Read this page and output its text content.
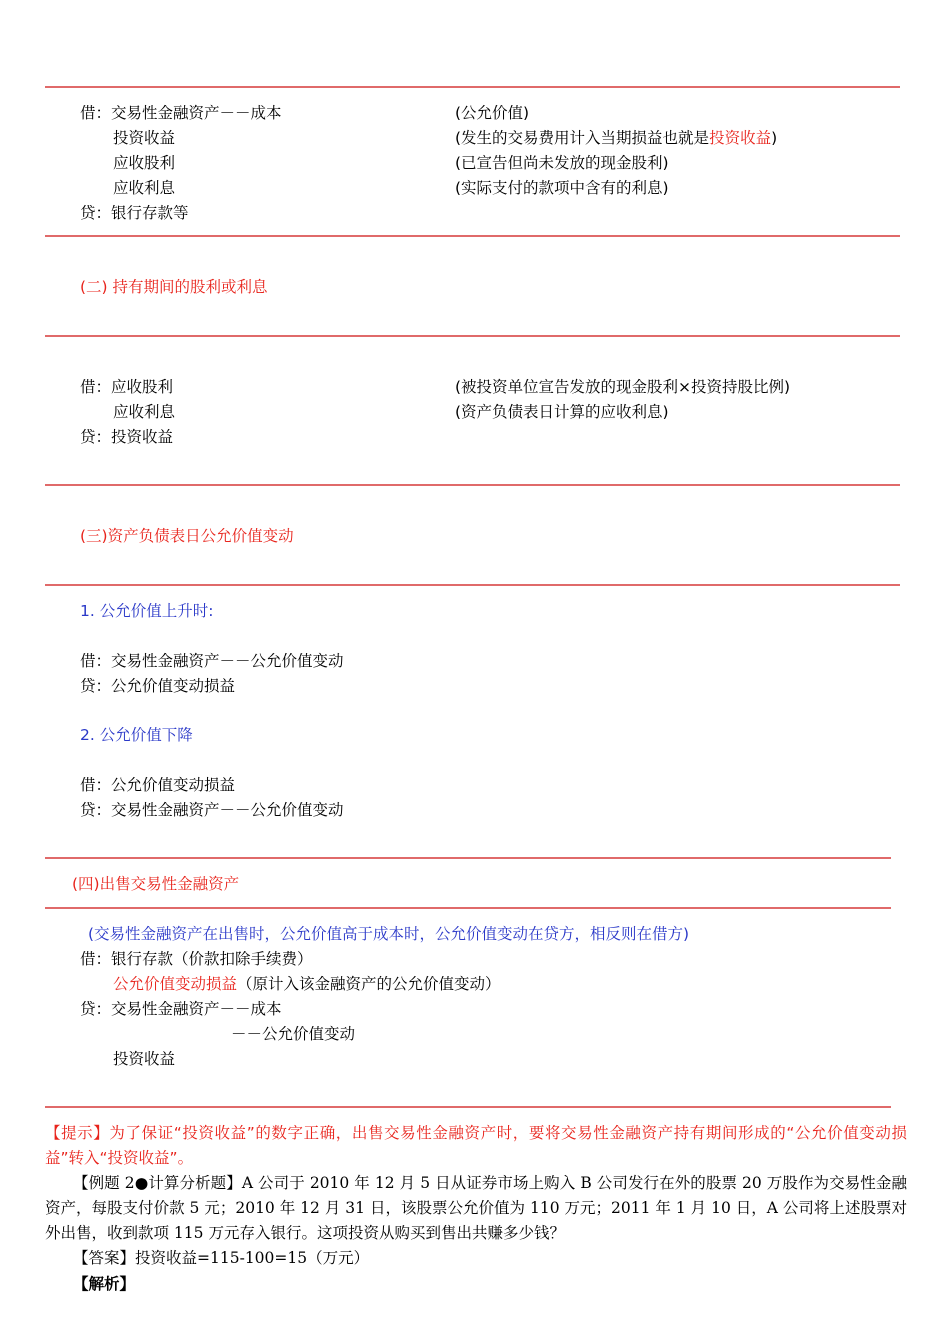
借：交易性金融资产－－成本	(公允价值)
投资收益	(发生的交易费用计入当期损益也就是投资收益)
应收股利	(已宣告但尚未发放的现金股利)
应收利息	(实际支付的款项中含有的利息)
贷：银行存款等
(二) 持有期间的股利或利息
借：应收股利	(被投资单位宣告发放的现金股利×投资持股比例)
应收利息	(资产负债表日计算的应收利息)
贷：投资收益
(三)资产负债表日公允价值变动
1. 公允价值上升时:
借：交易性金融资产－－公允价值变动
贷：公允价值变动损益
2. 公允价值下降
借：公允价值变动损益
贷：交易性金融资产－－公允价值变动
(四)出售交易性金融资产
(交易性金融资产在出售时，公允价值高于成本时，公允价值变动在贷方，相反则在借方)
借：银行存款（价款扣除手续费）
公允价值变动损益（原计入该金融资产的公允价值变动）
贷：交易性金融资产－－成本
－－公允价值变动
投资收益
【提示】为了保证“投资收益”的数字正确，出售交易性金融资产时，要将交易性金融资产持有期间形成的“公允价值变动损益”转入“投资收益”。
【例题 2●计算分析题】A 公司于 2010 年 12 月 5 日从证券市场上购入 B 公司发行在外的股票 20 万股作为交易性金融资产，每股支付价款 5 元；2010 年 12 月 31 日，该股票公允价值为 110 万元；2011 年 1 月 10 日，A 公司将上述股票对外出售，收到款项 115 万元存入银行。这项投资从购买到售出共赚多少钱？
【答案】投资收益=115-100=15（万元）
【解析】
